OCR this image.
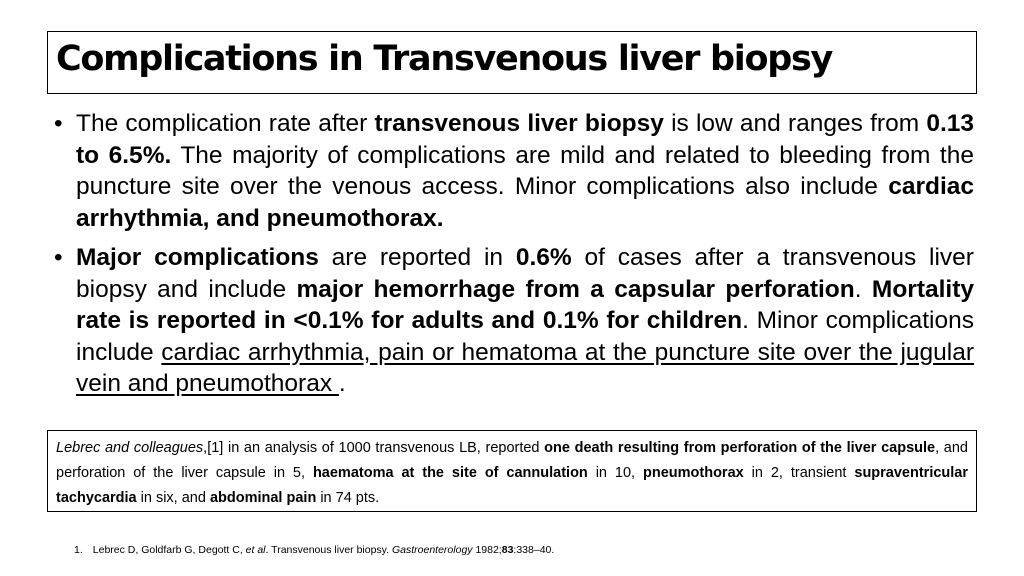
Complications in Transvenous liver biopsy
• The complication rate after transvenous liver biopsy is low and ranges from 0.13 to 6.5%. The majority of complications are mild and related to bleeding from the puncture site over the venous access. Minor complications also include cardiac arrhythmia, and pneumothorax.
• Major complications are reported in 0.6% of cases after a transvenous liver biopsy and include major hemorrhage from a capsular perforation. Mortality rate is reported in <0.1% for adults and 0.1% for children. Minor complications include cardiac arrhythmia, pain or hematoma at the puncture site over the jugular vein and pneumothorax .
Lebrec and colleagues,[1] in an analysis of 1000 transvenous LB, reported one death resulting from perforation of the liver capsule, and perforation of the liver capsule in 5, haematoma at the site of cannulation in 10, pneumothorax in 2, transient supraventricular tachycardia in six, and abdominal pain in 74 pts.
1. Lebrec D, Goldfarb G, Degott C, et al. Transvenous liver biopsy. Gastroenterology 1982;83:338–40.
